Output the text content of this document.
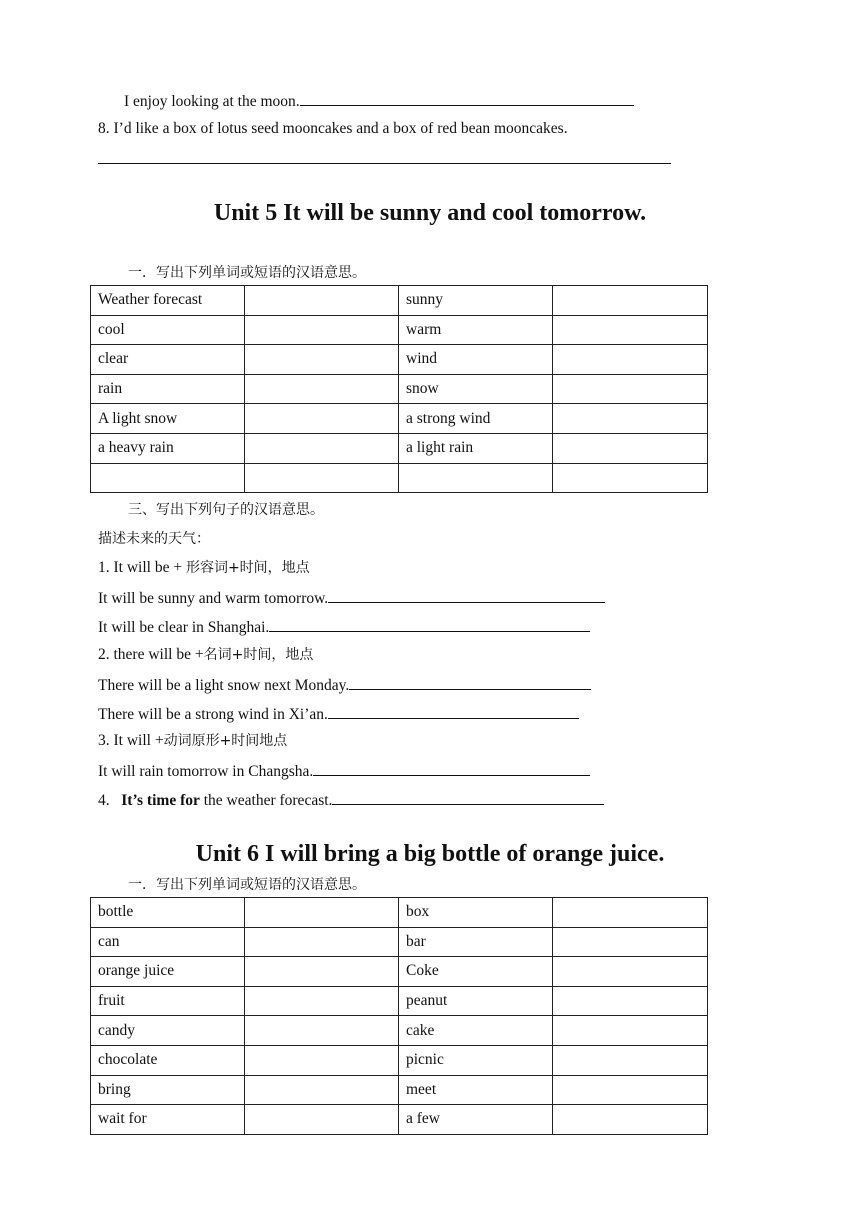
I enjoy looking at the moon.
8. I’d like a box of lotus seed mooncakes and a box of red bean mooncakes.
Unit 5 It will be sunny and cool tomorrow.
一．写出下列单词或短语的汉语意思。
Weather forecast		sunny	
cool		warm	
clear		wind	
rain		snow	
A light snow		a strong wind	
a heavy rain		a light rain	

三、写出下列句子的汉语意思。
描述未来的天气：
1. It will be + 形容词+时间，地点
It will be sunny and warm tomorrow.
It will be clear in Shanghai.
2. there will be +名词+时间，地点
There will be a light snow next Monday.
There will be a strong wind in Xi’an.
3. It will +动词原形+时间地点
It will rain tomorrow in Changsha.
4.   It’s time for the weather forecast.
Unit 6 I will bring a big bottle of orange juice.
一．写出下列单词或短语的汉语意思。
bottle		box	
can		bar	
orange juice		Coke	
fruit		peanut	
candy		cake	
chocolate		picnic	
bring		meet	
wait for		a few	
